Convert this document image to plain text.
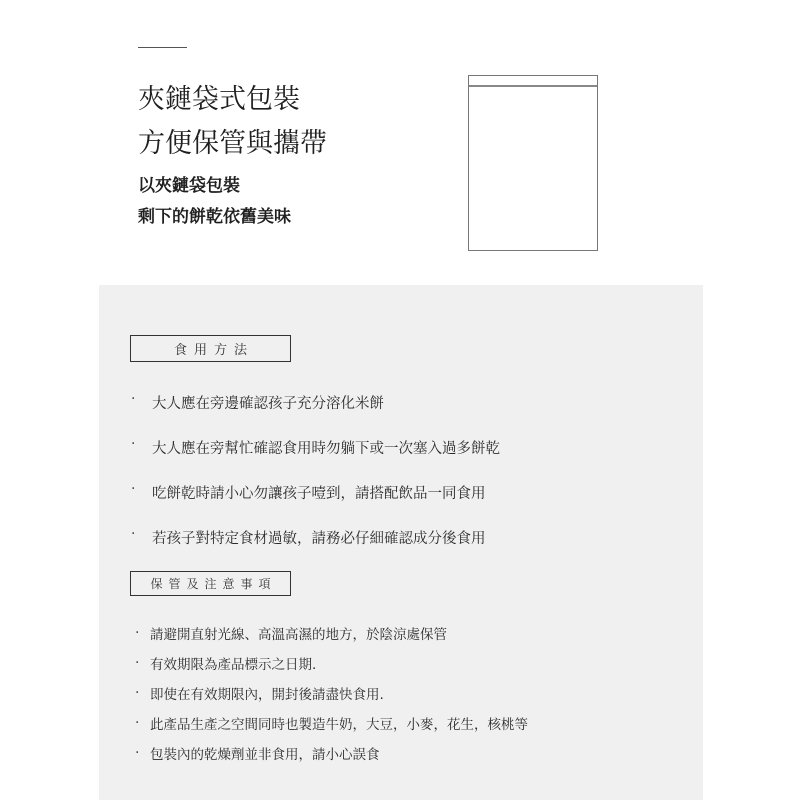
夾鏈袋式包裝
方便保管與攜帶
以夾鏈袋包裝
剩下的餅乾依舊美味
食用方法
·	大人應在旁邊確認孩子充分溶化米餅
·	大人應在旁幫忙確認食用時勿躺下或一次塞入過多餅乾
·	吃餅乾時請小心勿讓孩子噎到，請搭配飲品一同食用
·	若孩子對特定食材過敏，請務必仔細確認成分後食用
保管及注意事項
· 請避開直射光線、高溫高濕的地方，於陰涼處保管
· 有效期限為產品標示之日期.
· 即使在有效期限內，開封後請盡快食用.
· 此產品生產之空間同時也製造牛奶，大豆，小麥，花生，核桃等
· 包裝內的乾燥劑並非食用，請小心誤食
